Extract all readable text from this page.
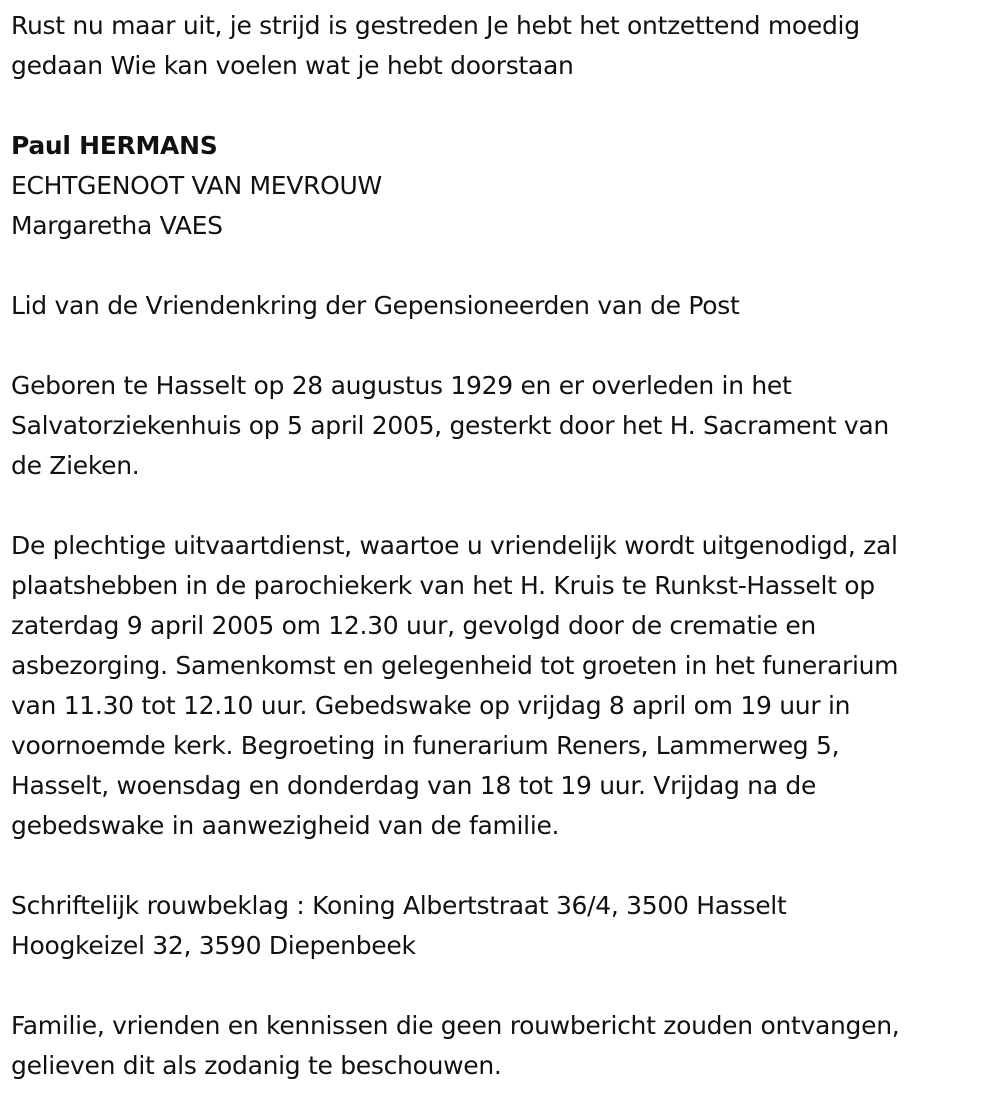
Rust nu maar uit, je strijd is gestreden Je hebt het ontzettend moedig

gedaan Wie kan voelen wat je hebt doorstaan

Paul HERMANS

ECHTGENOOT VAN MEVROUW

Margaretha VAES

Lid van de Vriendenkring der Gepensioneerden van de Post

Geboren te Hasselt op 28 augustus 1929 en er overleden in het

Salvatorziekenhuis op 5 april 2005, gesterkt door het H. Sacrament van

de Zieken.

De plechtige uitvaartdienst, waartoe u vriendelijk wordt uitgenodigd, zal

plaatshebben in de parochiekerk van het H. Kruis te Runkst-Hasselt op

zaterdag 9 april 2005 om 12.30 uur, gevolgd door de crematie en

asbezorging. Samenkomst en gelegenheid tot groeten in het funerarium

van 11.30 tot 12.10 uur. Gebedswake op vrijdag 8 april om 19 uur in

voornoemde kerk. Begroeting in funerarium Reners, Lammerweg 5,

Hasselt, woensdag en donderdag van 18 tot 19 uur. Vrijdag na de

gebedswake in aanwezigheid van de familie.

Schriftelijk rouwbeklag : Koning Albertstraat 36/4, 3500 Hasselt

Hoogkeizel 32, 3590 Diepenbeek

Familie, vrienden en kennissen die geen rouwbericht zouden ontvangen,

gelieven dit als zodanig te beschouwen.
